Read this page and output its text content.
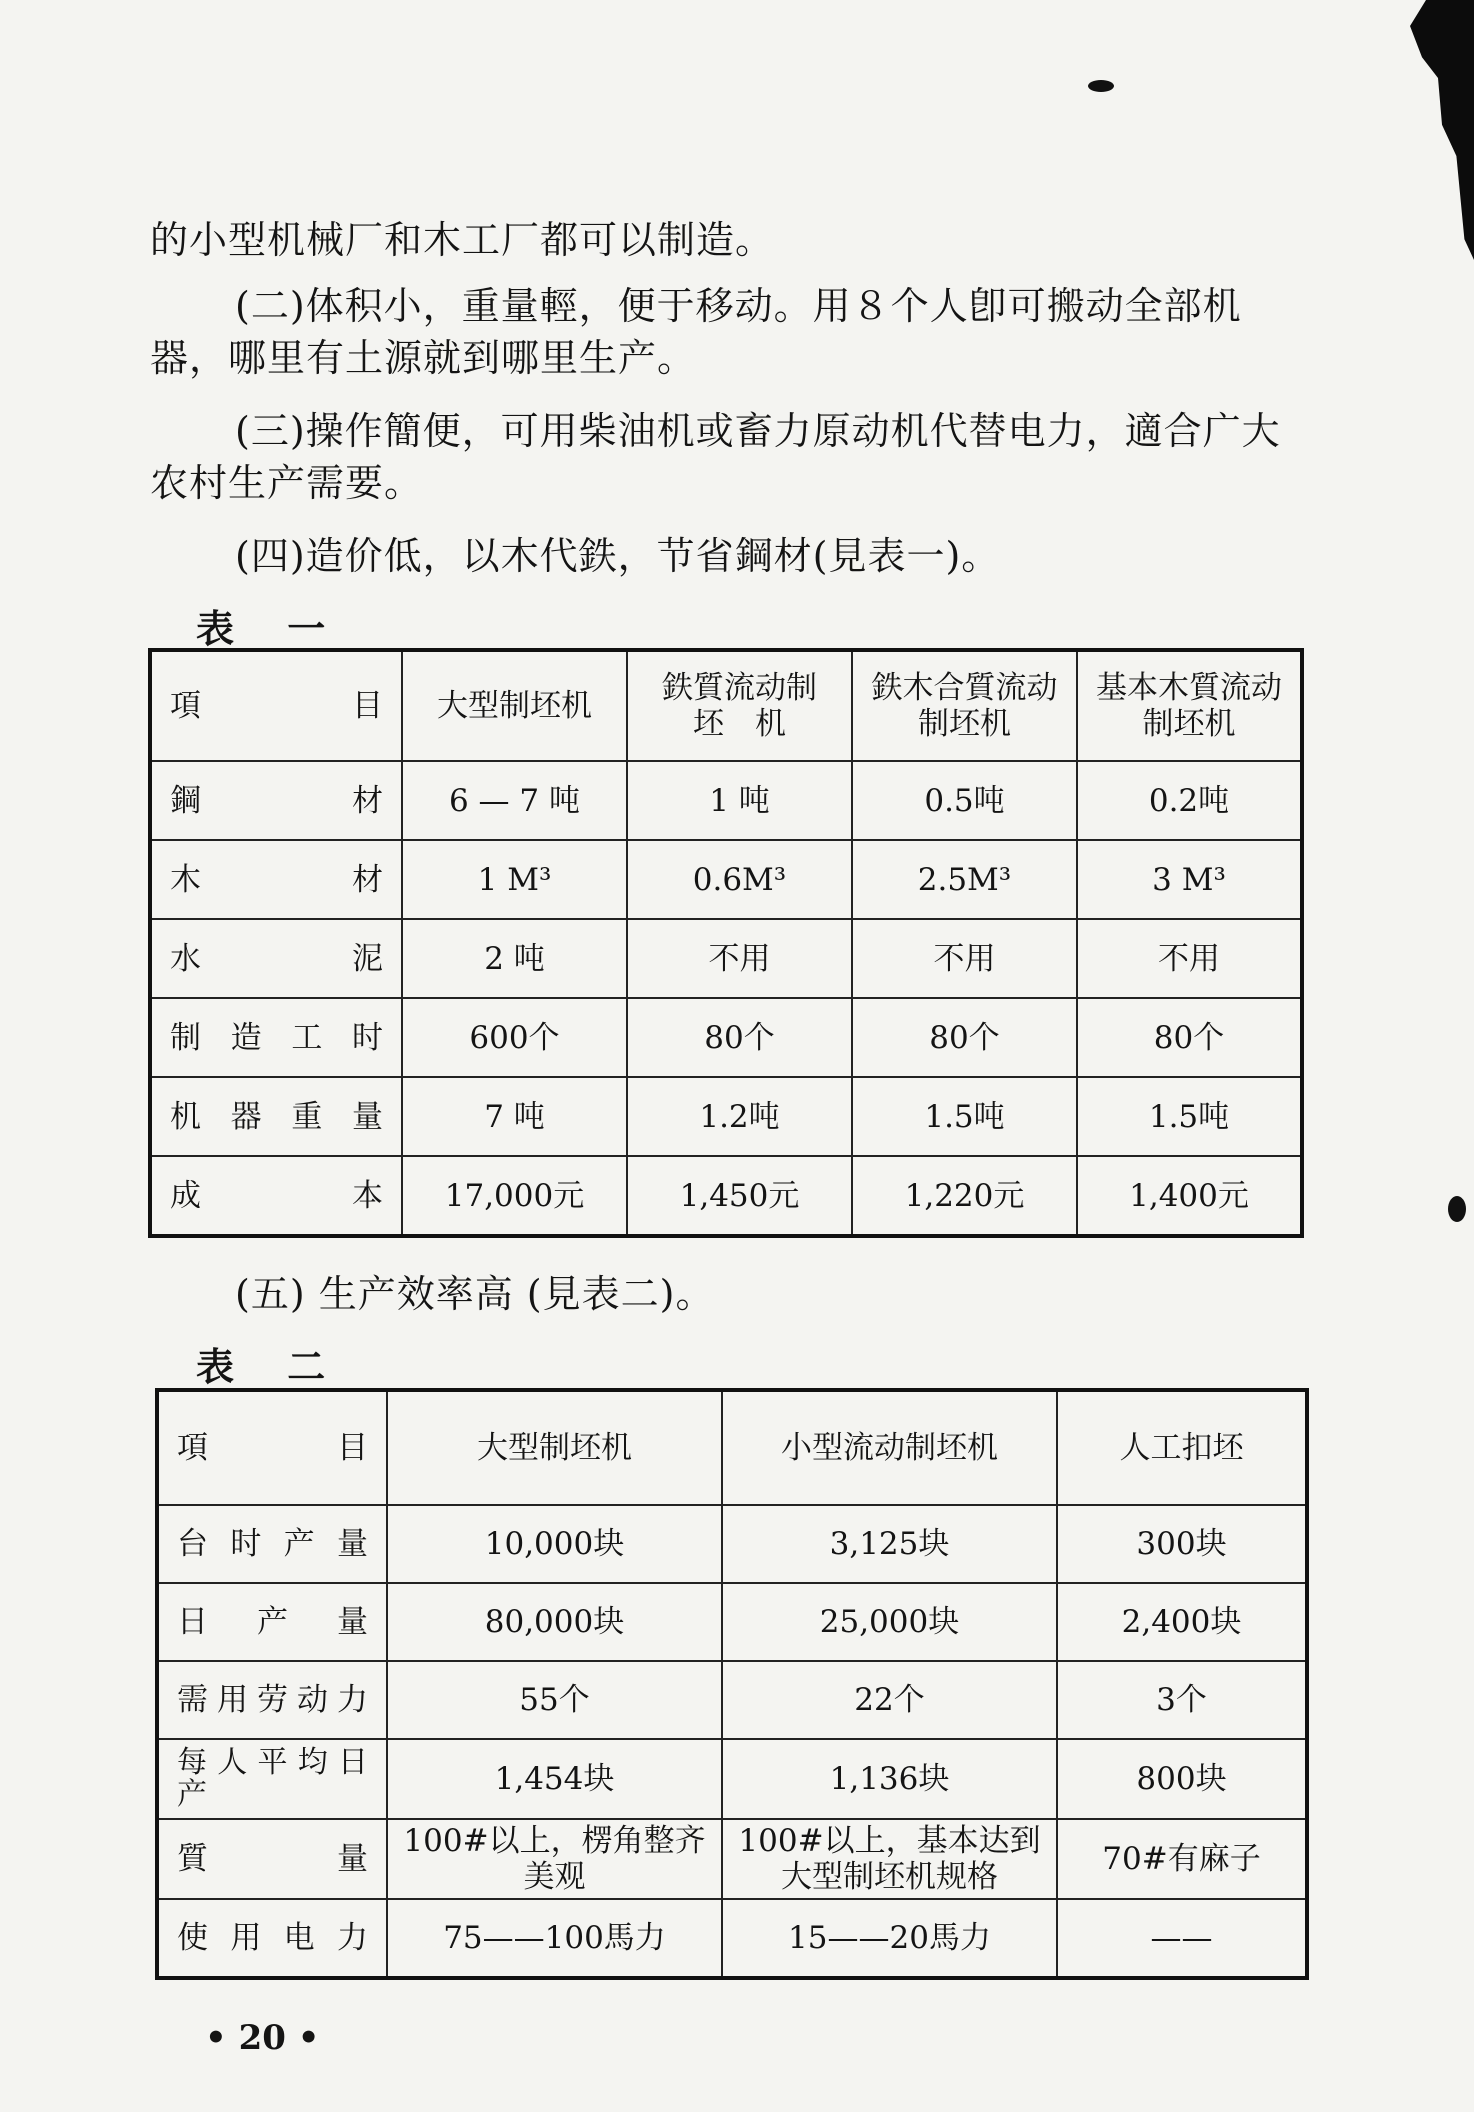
的小型机械厂和木工厂都可以制造。

(二)体积小，重量輕，便于移动。用８个人卽可搬动全部机器，哪里有土源就到哪里生产。

(三)操作簡便，可用柴油机或畜力原动机代替电力，適合广大农村生产需要。

(四)造价低，以木代鉄，节省鋼材(見表一)。

表 一
項　　目	大型制坯机	鉄質流动制　坯　机	鉄木合質流动制坯机	基本木質流动制坯机
鋼　　材	6 — 7 吨	1 吨	0.5吨	0.2吨
木　　材	1 M³	0.6M³	2.5M³	3 M³
水　　泥	2 吨	不用	不用	不用
制造工时	600个	80个	80个	80个
机器重量	7 吨	1.2吨	1.5吨	1.5吨
成　　本	17,000元	1,450元	1,220元	1,400元

(五) 生产效率高 (見表二)。

表 二
項　　目	大型制坯机	小型流动制坯机	人工扣坯
台时产量	10,000块	3,125块	300块
日 产 量	80,000块	25,000块	2,400块
需用劳动力	55个	22个	3个
每人平均日　　产	1,454块	1,136块	800块
質　　量	100#以上，楞角整齐美观	100#以上，基本达到大型制坯机规格	70#有麻子
使用电力	75——100馬力	15——20馬力	——
• 20 •
